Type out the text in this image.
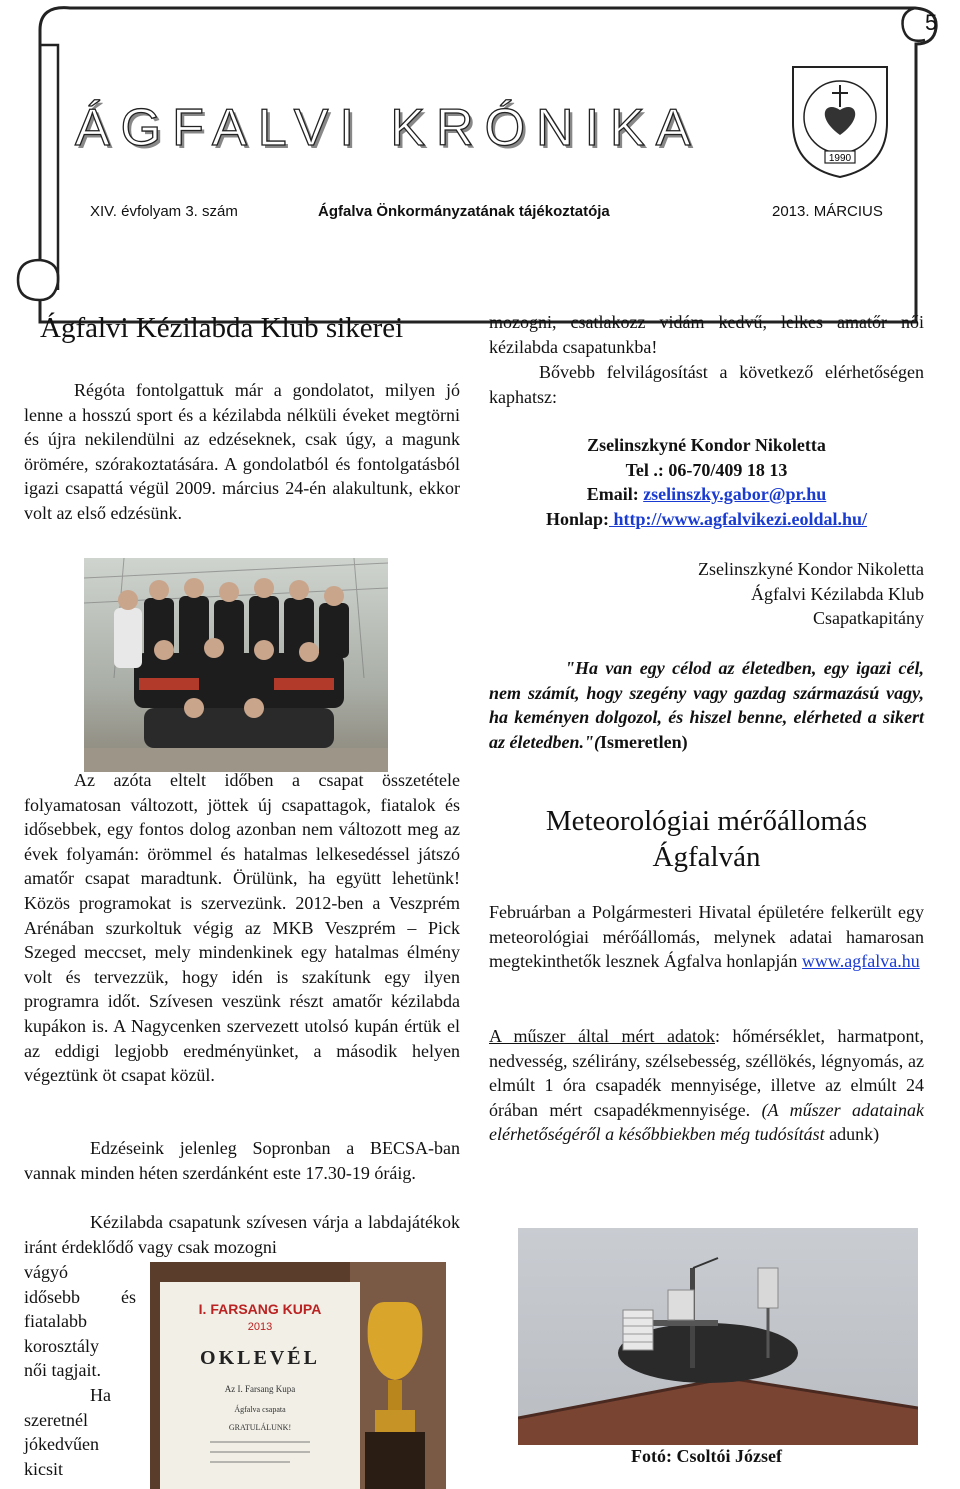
5
ÁGFALVI KRÓNIKA
XIV. évfolyam 3. szám	Ágfalva Önkormányzatának tájékoztatója	2013. MÁRCIUS
1990
Ágfalvi Kézilabda Klub sikerei

Régóta fontolgattuk már a gondolatot, milyen jó lenne a hosszú sport és a kézilabda nélküli éveket megtörni és újra nekilendülni az edzéseknek, csak úgy, a magunk örömére, szórakoztatására. A gondolatból és fontolgatásból igazi csapattá végül 2009. március 24-én alakultunk, ekkor volt az első edzésünk.

Az azóta eltelt időben a csapat összetétele folyamatosan változott, jöttek új csapattagok, fiatalok és idősebbek, egy fontos dolog azonban nem változott meg az évek folyamán: örömmel és hatalmas lelkesedéssel játszó amatőr csapat maradtunk. Örülünk, ha együtt lehetünk! Közös programokat is szervezünk. 2012-ben a Veszprém Arénában szurkoltuk végig az MKB Veszprém – Pick Szeged meccset, mely mindenkinek egy hatalmas élmény volt és tervezzük, hogy idén is szakítunk egy ilyen programra időt. Szívesen veszünk részt amatőr kézilabda kupákon is. A Nagycenken szervezett utolsó kupán értük el az eddigi legjobb eredményünket, a második helyen végeztünk öt csapat közül.

Edzéseink jelenleg Sopronban a BECSA-ban vannak minden héten szerdánként este 17.30-19 óráig.

Kézilabda csapatunk szívesen várja a labdajátékok iránt érdeklődő vagy csak mozogni

vágyó
idősebb és
fiatalabb
korosztály
női tagjait.
Ha
szeretnél
jókedvűen
kicsit
I. FARSANG KUPA
2013
OKLEVÉL
Az I. Farsang Kupa
Ágfalva csapata
GRATULÁLUNK!

mozogni, csatlakozz vidám kedvű, lelkes amatőr női kézilabda csapatunkba!

Bővebb felvilágosítást a következő elérhetőségen kaphatsz:

Zselinszkyné Kondor Nikoletta
Tel .: 06-70/409 18 13
Email: zselinszky.gabor@pr.hu
Honlap: http://www.agfalvikezi.eoldal.hu/
Zselinszkyné Kondor Nikoletta
Ágfalvi Kézilabda Klub
Csapatkapitány

"Ha van egy célod az életedben, egy igazi cél, nem számít, hogy szegény vagy gazdag származású vagy, ha keményen dolgozol, és hiszel benne, elérheted a sikert az életedben."(Ismeretlen)

Meteorológiai mérőállomás
Ágfalván

Februárban a Polgármesteri Hivatal épületére felkerült egy meteorológiai mérőállomás, melynek adatai hamarosan megtekinthetők lesznek Ágfalva honlapján www.agfalva.hu

A műszer által mért adatok: hőmérséklet, harmatpont, nedvesség, szélirány, szélsebesség, széllökés, légnyomás, az elmúlt 1 óra csapadék mennyisége, illetve az elmúlt 24 órában mért csapadékmennyisége. (A műszer adatainak elérhetőségéről a későbbiekben még tudósítást adunk)

Fotó: Csoltói József
